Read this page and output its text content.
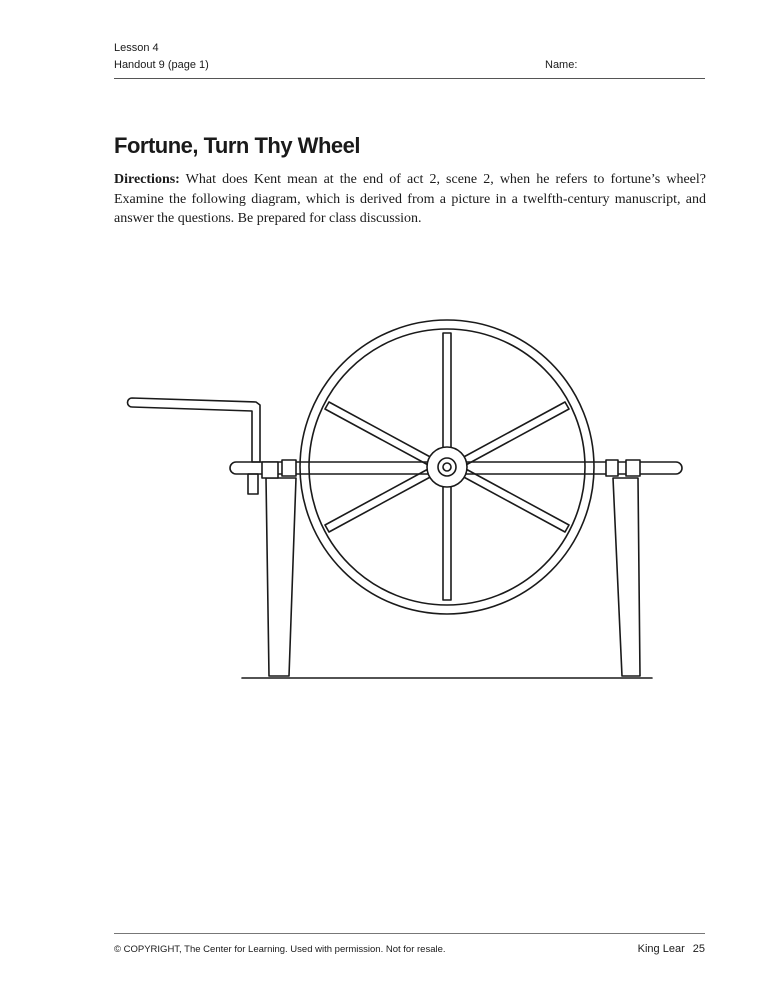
Lesson 4
Handout 9 (page 1)	Name:
Fortune, Turn Thy Wheel

Directions: What does Kent mean at the end of act 2, scene 2, when he refers to fortune’s wheel? Examine the following diagram, which is derived from a picture in a twelfth-century manuscript, and answer the questions. Be prepared for class discussion.

© COPYRIGHT, The Center for Learning. Used with permission. Not for resale.	King Lear 25
